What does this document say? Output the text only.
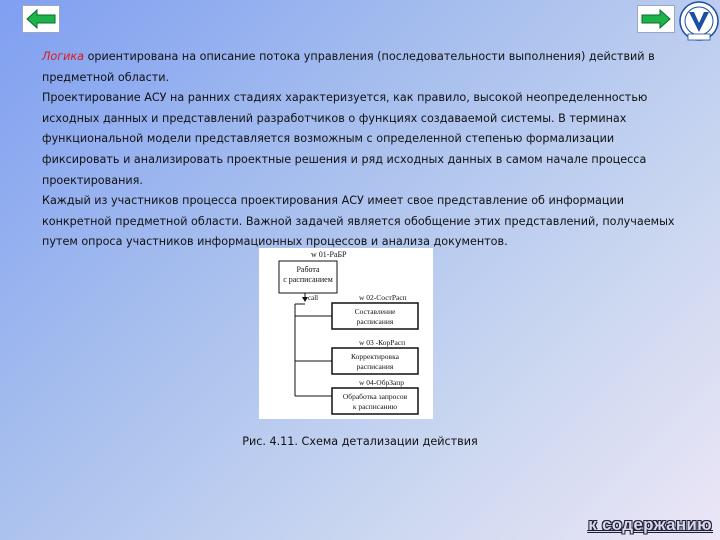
Логика ориентирована на описание потока управления (последовательности выполнения) действий в предметной области.

Проектирование АСУ на ранних стадиях характеризуется, как правило, высокой неопределенностью исходных данных и представлений разработчиков о функциях создаваемой системы. В терминах функциональной модели представляется возможным с определенной степенью формализации фиксировать и анализировать проектные решения и ряд исходных данных в самом начале процесса проектирования.

Каждый из участников процесса проектирования АСУ имеет свое представление об информации конкретной предметной области. Важной задачей является обобщение этих представлений, получаемых путем опроса участников информационных процессов и анализа документов.

w 01-РаБР
Работа
с расписанием
call	w 02-СостРасп
Составление
расписания
w 03 -КорРасп
Корректировка
расписания
w 04-ОбрЗапр
Обработка запросов
к расписанию
Рис. 4.11. Схема детализации действия
к содержанию
